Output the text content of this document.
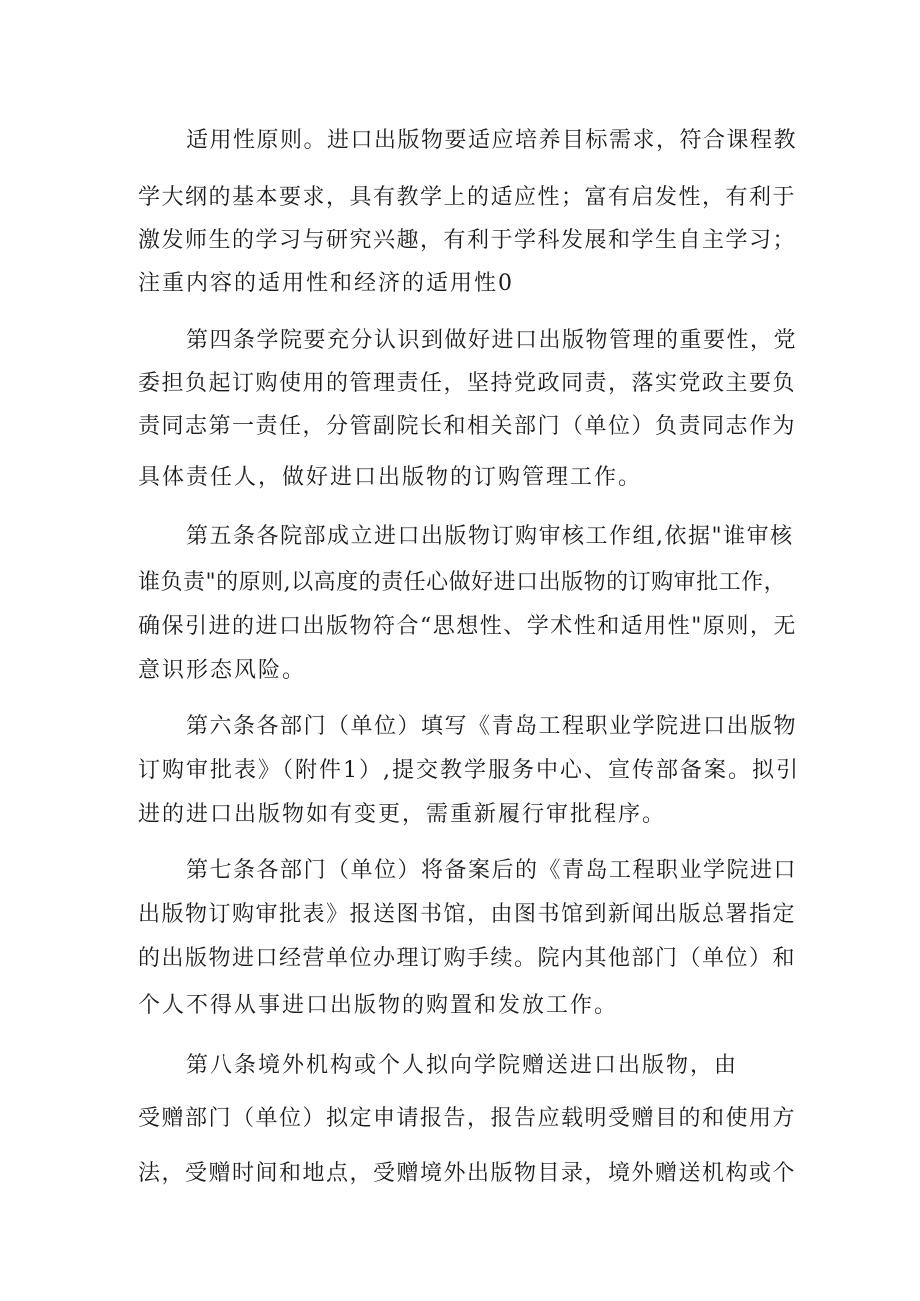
适用性原则。进口出版物要适应培养目标需求，符合课程教
学大纲的基本要求，具有教学上的适应性；富有启发性，有利于
激发师生的学习与研究兴趣，有利于学科发展和学生自主学习；
注重内容的适用性和经济的适用性0
第四条学院要充分认识到做好进口出版物管理的重要性，党
委担负起订购使用的管理责任，坚持党政同责，落实党政主要负
责同志第一责任，分管副院长和相关部门（单位）负责同志作为
具体责任人，做好进口出版物的订购管理工作。
第五条各院部成立进口出版物订购审核工作组,依据"谁审核
谁负责"的原则,以高度的责任心做好进口出版物的订购审批工作，
确保引进的进口出版物符合“思想性、学术性和适用性"原则，无
意识形态风险。
第六条各部门（单位）填写《青岛工程职业学院进口出版物
订购审批表》（附件1）,提交教学服务中心、宣传部备案。拟引
进的进口出版物如有变更，需重新履行审批程序。
第七条各部门（单位）将备案后的《青岛工程职业学院进口
出版物订购审批表》报送图书馆，由图书馆到新闻出版总署指定
的出版物进口经营单位办理订购手续。院内其他部门（单位）和
个人不得从事进口出版物的购置和发放工作。
第八条境外机构或个人拟向学院赠送进口出版物，由
受赠部门（单位）拟定申请报告，报告应载明受赠目的和使用方
法，受赠时间和地点，受赠境外出版物目录，境外赠送机构或个
